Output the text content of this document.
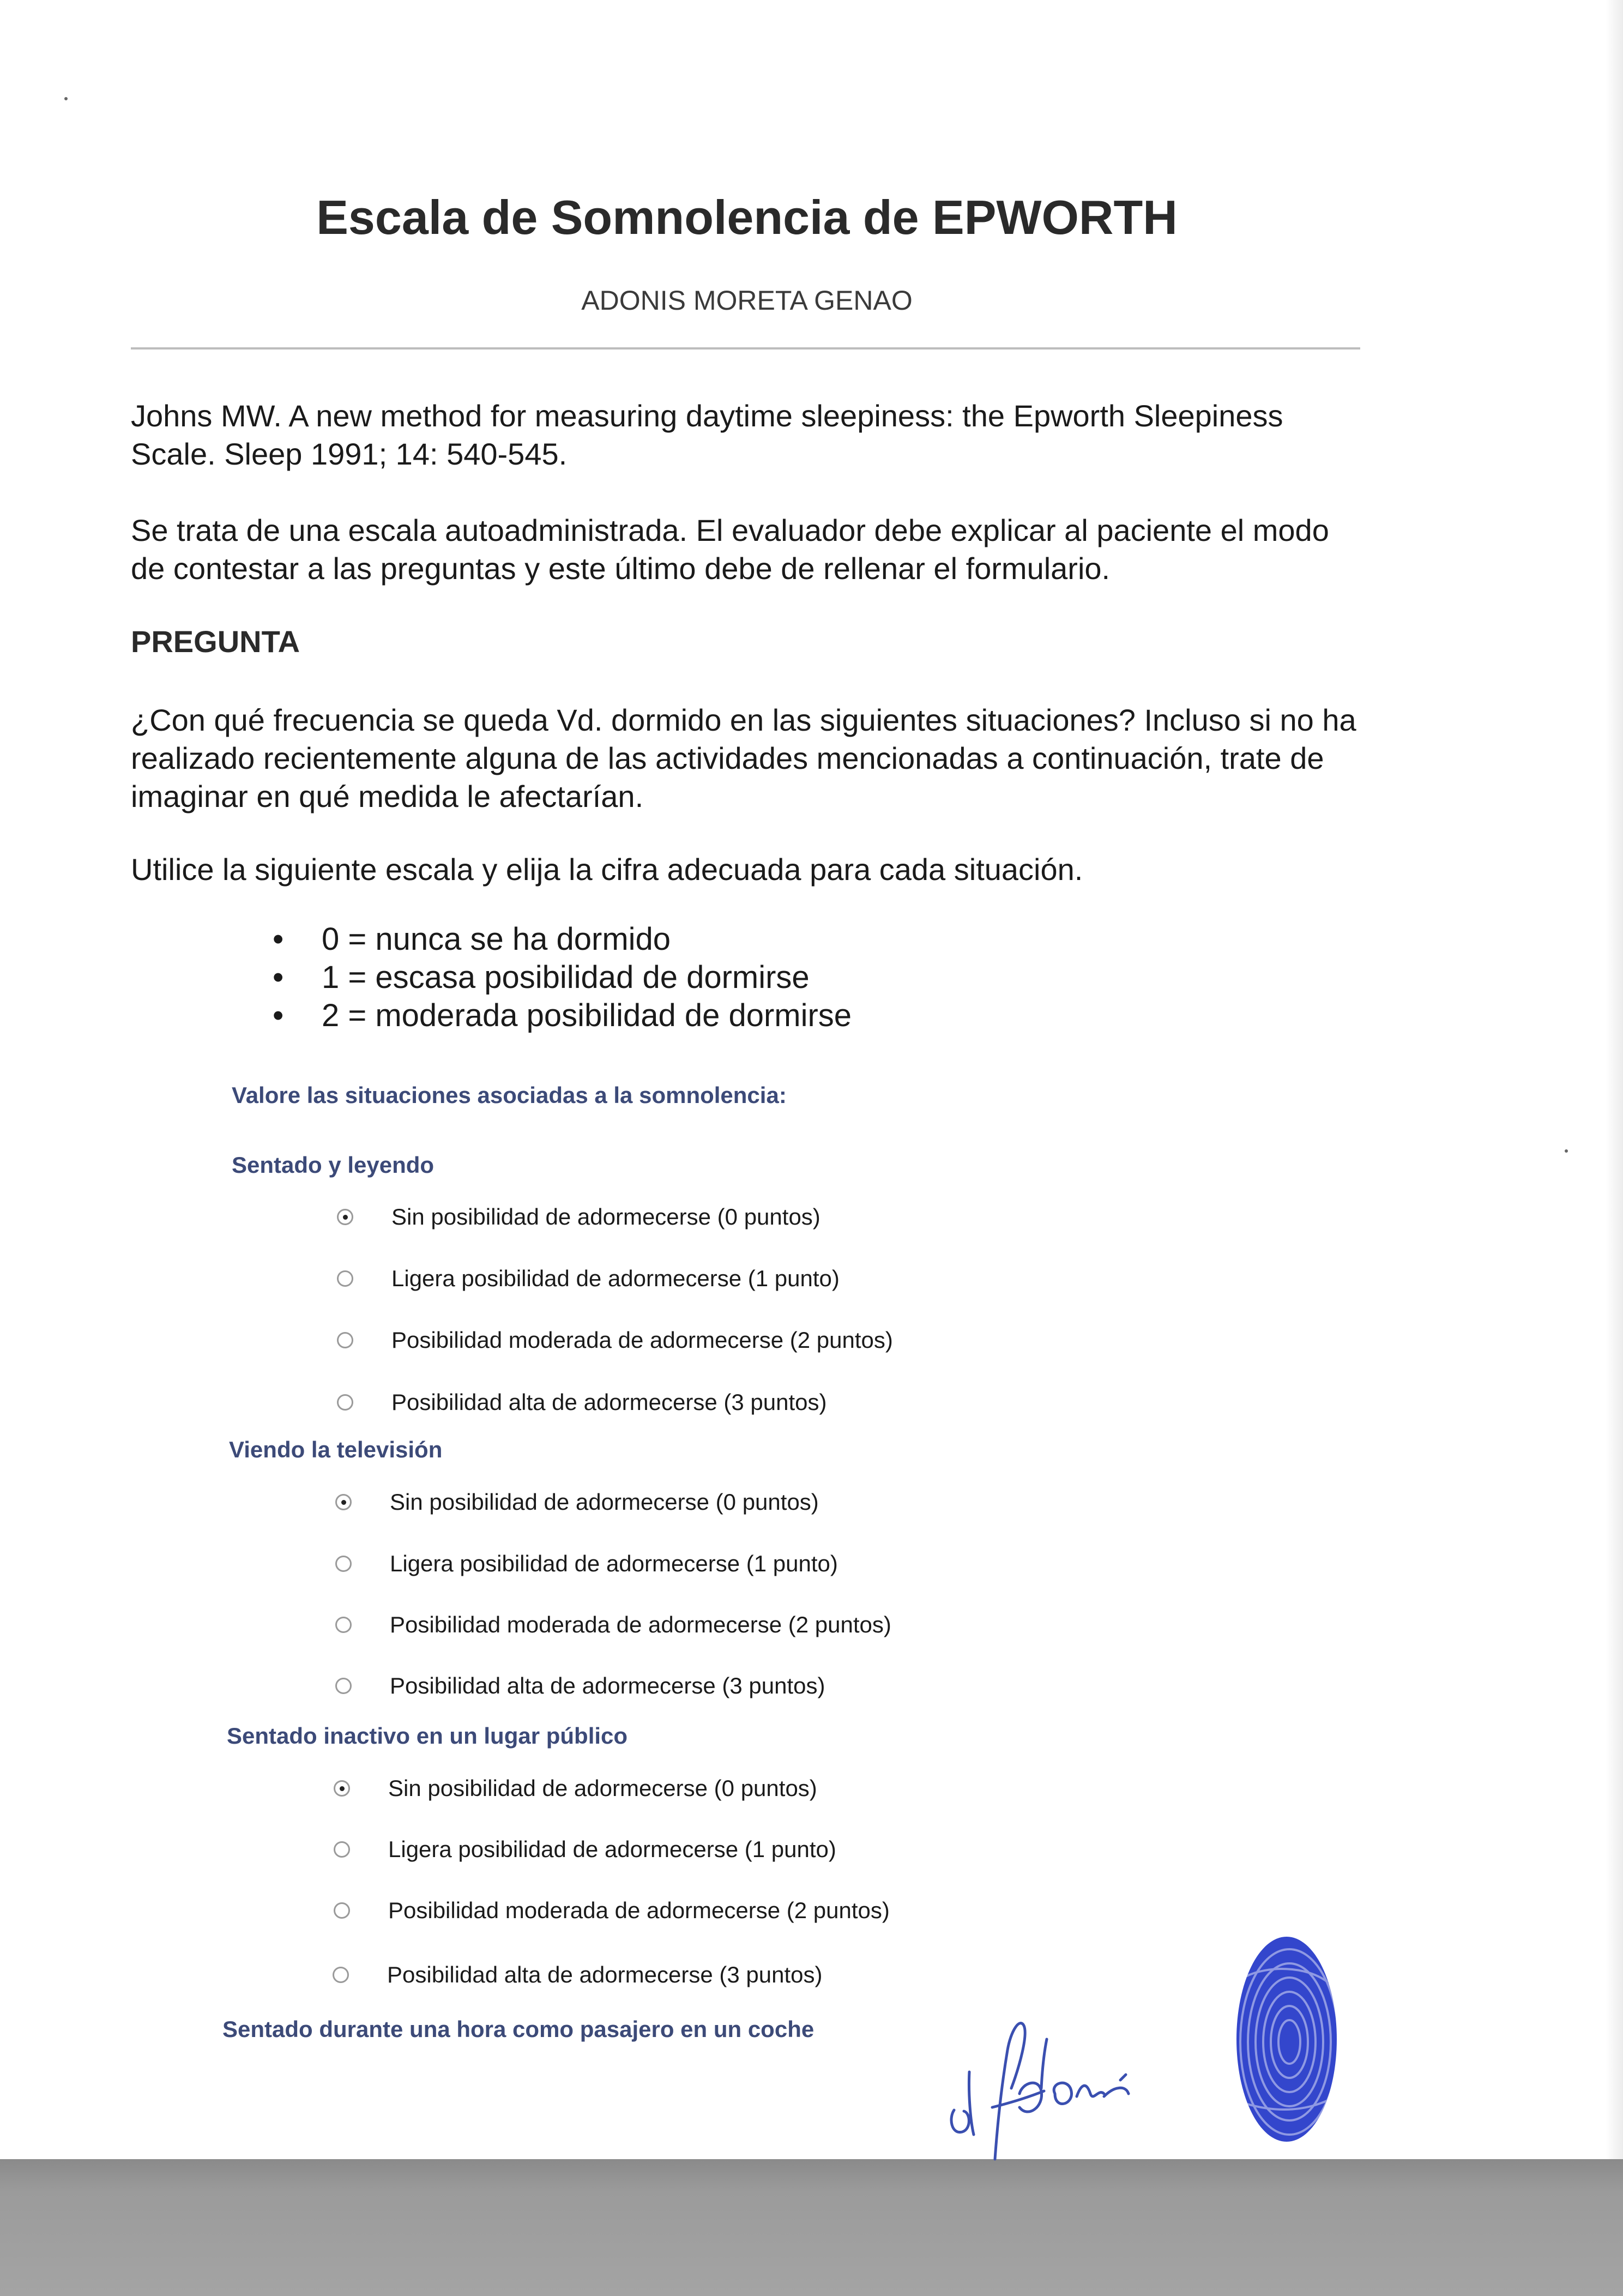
Escala de Somnolencia de EPWORTH
ADONIS MORETA GENAO

Johns MW. A new method for measuring daytime sleepiness: the Epworth Sleepiness Scale. Sleep 1991; 14: 540-545.

Se trata de una escala autoadministrada. El evaluador debe explicar al paciente el modo de contestar a las preguntas y este último debe de rellenar el formulario.

PREGUNTA

¿Con qué frecuencia se queda Vd. dormido en las siguientes situaciones? Incluso si no ha realizado recientemente alguna de las actividades mencionadas a continuación, trate de imaginar en qué medida le afectarían.

Utilice la siguiente escala y elija la cifra adecuada para cada situación.

• 0 = nunca se ha dormido
• 1 = escasa posibilidad de dormirse
• 2 = moderada posibilidad de dormirse
Valore las situaciones asociadas a la somnolencia:
Sentado y leyendo
Sin posibilidad de adormecerse (0 puntos)
Ligera posibilidad de adormecerse (1 punto)
Posibilidad moderada de adormecerse (2 puntos)
Posibilidad alta de adormecerse (3 puntos)
Viendo la televisión
Sin posibilidad de adormecerse (0 puntos)
Ligera posibilidad de adormecerse (1 punto)
Posibilidad moderada de adormecerse (2 puntos)
Posibilidad alta de adormecerse (3 puntos)
Sentado inactivo en un lugar público
Sin posibilidad de adormecerse (0 puntos)
Ligera posibilidad de adormecerse (1 punto)
Posibilidad moderada de adormecerse (2 puntos)
Posibilidad alta de adormecerse (3 puntos)
Sentado durante una hora como pasajero en un coche
